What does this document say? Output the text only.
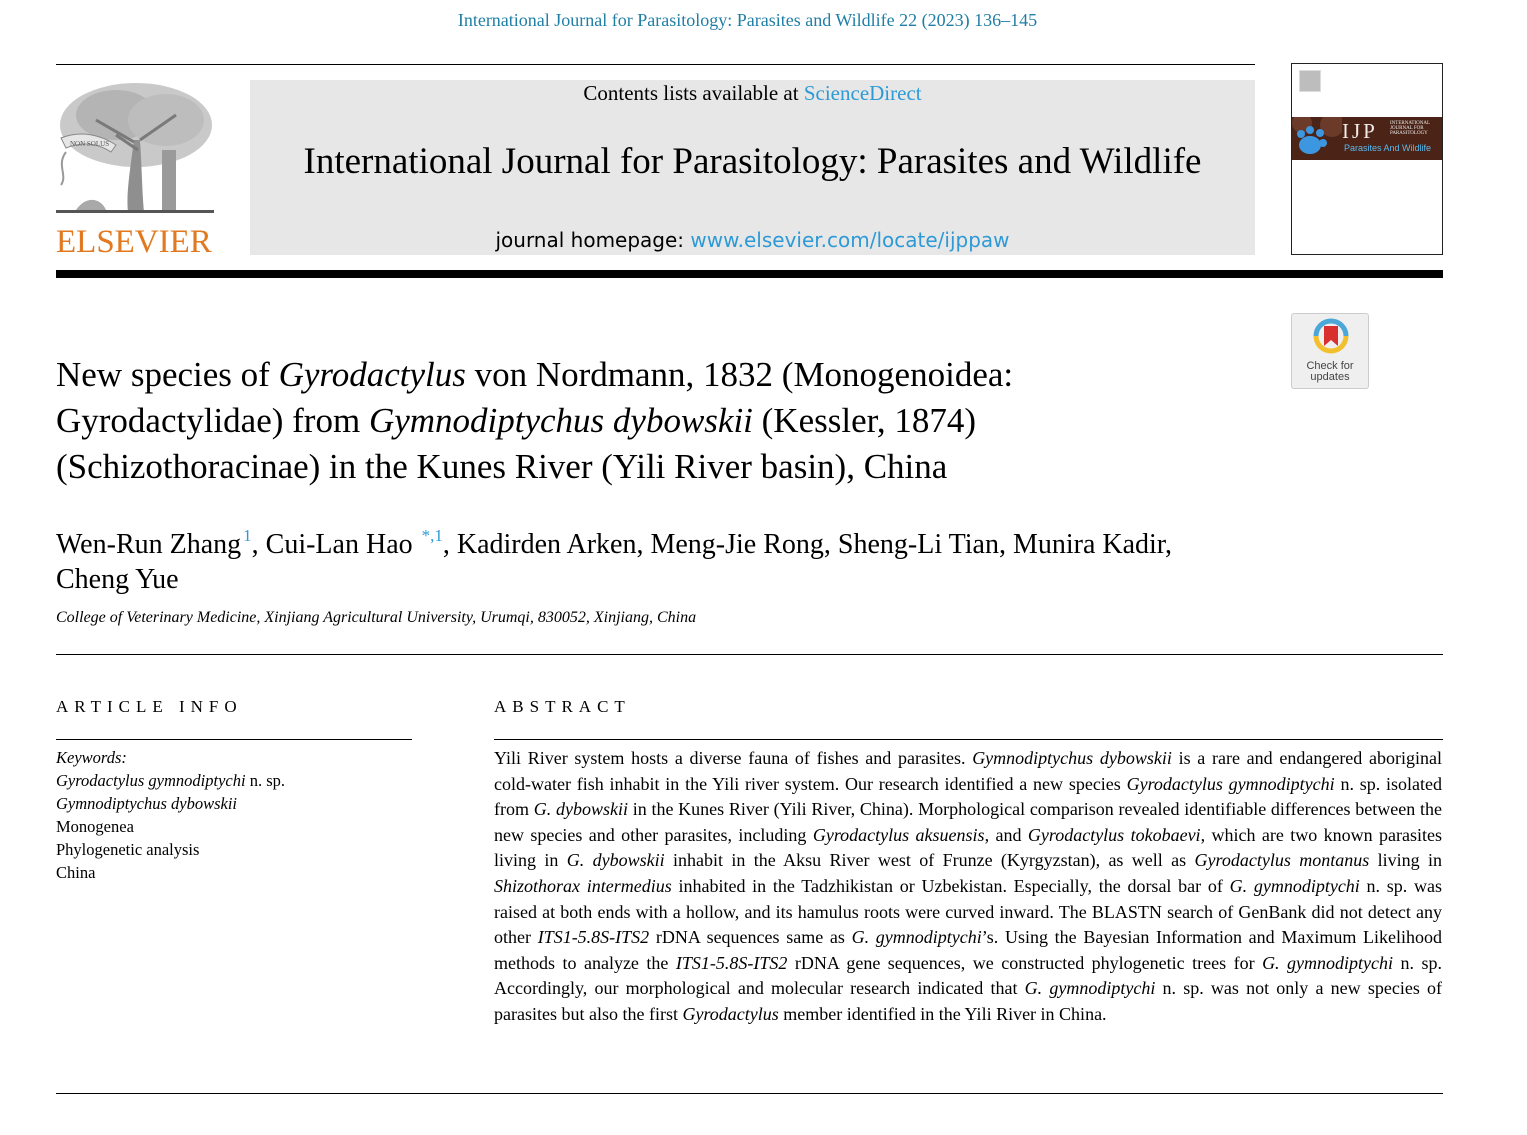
International Journal for Parasitology: Parasites and Wildlife 22 (2023) 136–145
NON SOLUS
ELSEVIER
Contents lists available at ScienceDirect
International Journal for Parasitology: Parasites and Wildlife
journal homepage: www.elsevier.com/locate/ijppaw
IJP INTERNATIONAL JOURNAL FOR PARASITOLOGY
Parasites And Wildlife
Check for
updates
New species of Gyrodactylus von Nordmann, 1832 (Monogenoidea: Gyrodactylidae) from Gymnodiptychus dybowskii (Kessler, 1874) (Schizothoracinae) in the Kunes River (Yili River basin), China
Wen-Run Zhang $^1$, Cui-Lan Hao $^{*,1}$, Kadirden Arken, Meng-Jie Rong, Sheng-Li Tian, Munira Kadir, Cheng Yue
College of Veterinary Medicine, Xinjiang Agricultural University, Urumqi, 830052, Xinjiang, China
ARTICLE INFO	ABSTRACT
Keywords:
Gyrodactylus gymnodiptychi n. sp.
Gymnodiptychus dybowskii
Monogenea
Phylogenetic analysis
China
Yili River system hosts a diverse fauna of fishes and parasites. Gymnodiptychus dybowskii is a rare and endangered aboriginal cold-water fish inhabit in the Yili river system. Our research identified a new species Gyrodactylus gymnodiptychi n. sp. isolated from G. dybowskii in the Kunes River (Yili River, China). Morphological comparison revealed identifiable differences between the new species and other parasites, including Gyrodactylus aksuensis, and Gyrodactylus tokobaevi, which are two known parasites living in G. dybowskii inhabit in the Aksu River west of Frunze (Kyrgyzstan), as well as Gyrodactylus montanus living in Shizothorax intermedius inhabited in the Tadzhikistan or Uzbekistan. Especially, the dorsal bar of G. gymnodiptychi n. sp. was raised at both ends with a hollow, and its hamulus roots were curved inward. The BLASTN search of GenBank did not detect any other ITS1-5.8S-ITS2 rDNA sequences same as G. gymnodiptychi’s. Using the Bayesian Information and Maximum Likelihood methods to analyze the ITS1-5.8S-ITS2 rDNA gene sequences, we constructed phylogenetic trees for G. gymnodiptychi n. sp. Accordingly, our morphological and molecular research indicated that G. gymnodiptychi n. sp. was not only a new species of parasites but also the first Gyrodactylus member identified in the Yili River in China.
